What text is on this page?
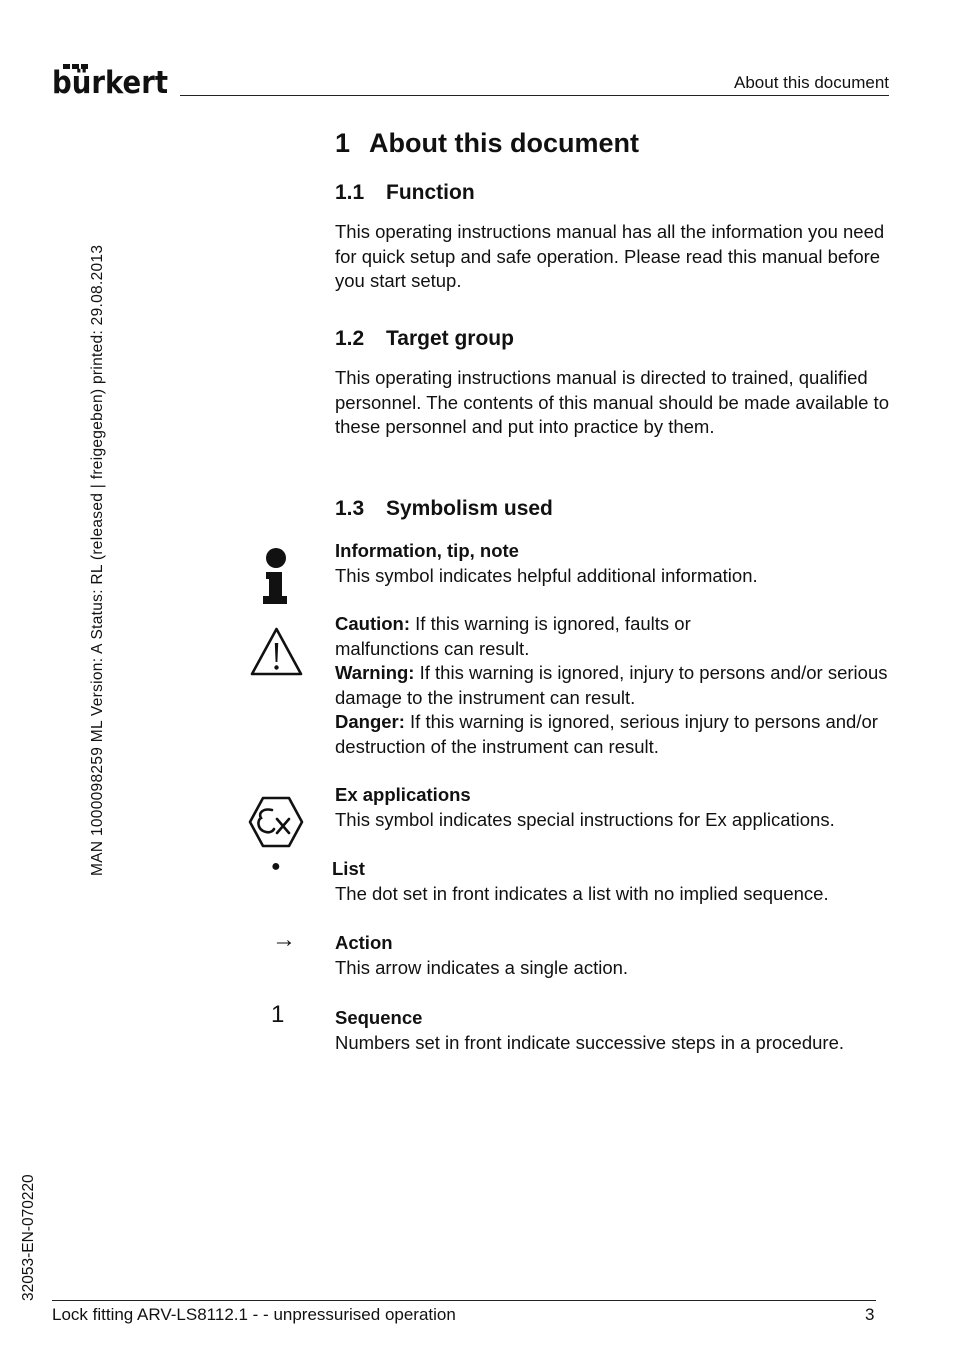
bürkert	About this document
MAN 1000098259 ML Version: A Status: RL (released | freigegeben) printed: 29.08.2013
32053-EN-070220
1 About this document
1.1 Function

This operating instructions manual has all the information you need for quick setup and safe operation. Please read this manual before you start setup.

1.2 Target group

This operating instructions manual is directed to trained, qualified personnel. The contents of this manual should be made available to these personnel and put into practice by them.

1.3 Symbolism used
Information, tip, note
This symbol indicates helpful additional information.
Caution: If this warning is ignored, faults or malfunctions can result.
Warning: If this warning is ignored, injury to persons and/or serious damage to the instrument can result.
Danger: If this warning is ignored, serious injury to persons and/or destruction of the instrument can result.
Ex applications
This symbol indicates special instructions for Ex applications.
●	List
The dot set in front indicates a list with no implied sequence.
→ Action
This arrow indicates a single action.
1	Sequence
Numbers set in front indicate successive steps in a procedure.
Lock fitting ARV-LS8112.1 - - unpressurised operation	3
